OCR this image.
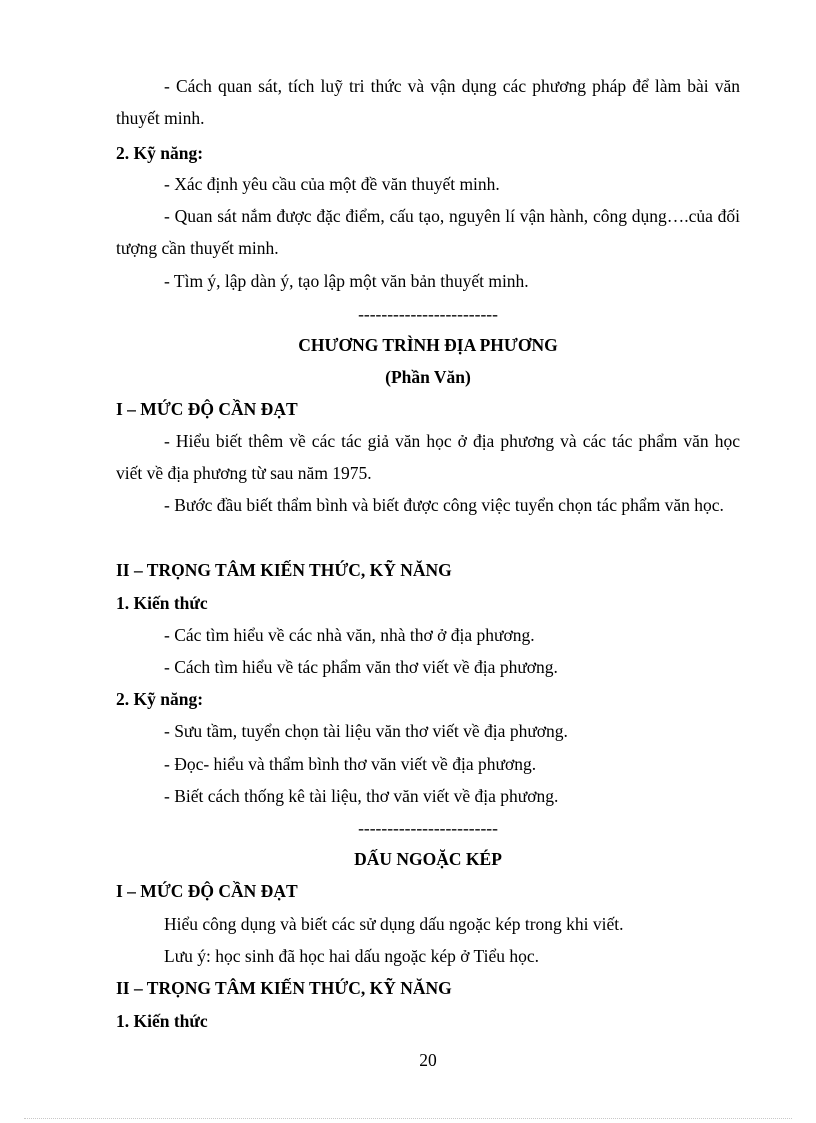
- Cách quan sát, tích luỹ tri thức và vận dụng các phương pháp để làm bài văn thuyết minh.

2. Kỹ năng:

- Xác định yêu cầu của một đề văn thuyết minh.

- Quan sát nắm được đặc điểm, cấu tạo, nguyên lí vận hành, công dụng….của đối tượng cần thuyết minh.

- Tìm ý, lập dàn ý, tạo lập một văn bản thuyết minh.

------------------------

CHƯƠNG TRÌNH ĐỊA PHƯƠNG

(Phần Văn)

I – MỨC ĐỘ CẦN ĐẠT

- Hiểu biết thêm về các tác giả văn học ở địa phương và các tác phẩm văn học viết về địa phương từ sau năm 1975.

- Bước đầu biết thẩm bình và biết được công việc tuyển chọn tác phẩm văn học.

II – TRỌNG TÂM KIẾN THỨC, KỸ NĂNG

1. Kiến thức

- Các tìm hiểu về các nhà văn, nhà thơ ở địa phương.

- Cách tìm hiểu về tác phẩm văn thơ viết về địa phương.

2. Kỹ năng:

- Sưu tầm, tuyển chọn tài liệu văn thơ viết về địa phương.

- Đọc- hiểu và thẩm bình thơ văn viết về địa phương.

- Biết cách thống kê tài liệu, thơ văn viết về địa phương.

------------------------

DẤU NGOẶC KÉP

I – MỨC ĐỘ CẦN ĐẠT

Hiểu công dụng và biết các sử dụng dấu ngoặc kép trong khi viết.

Lưu ý: học sinh đã học hai dấu ngoặc kép ở Tiểu học.

II – TRỌNG TÂM KIẾN THỨC, KỸ NĂNG

1. Kiến thức

20
